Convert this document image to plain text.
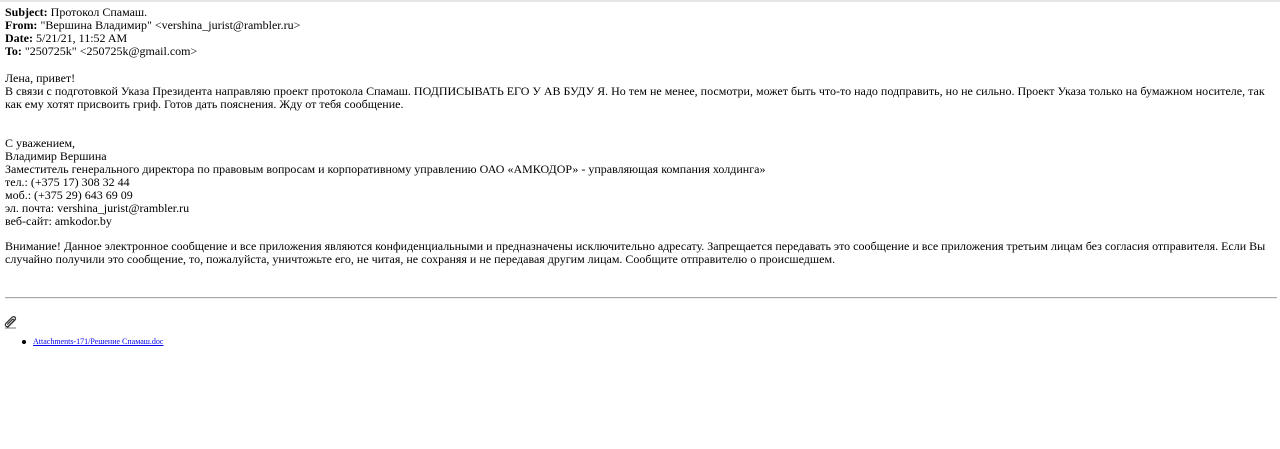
Subject: Протокол Спамаш.
From: "Вершина Владимир" <vershina_jurist@rambler.ru>
Date: 5/21/21, 11:52 AM
To: "250725k" <250725k@gmail.com>
Лена, привет!
В связи с подготовкой Указа Президента направляю проект протокола Спамаш. ПОДПИСЫВАТЬ ЕГО У АВ БУДУ Я. Но тем не менее, посмотри, может быть что-то надо подправить, но не сильно. Проект Указа только на бумажном носителе, так как ему хотят присвоить гриф. Готов дать пояснения. Жду от тебя сообщение.
С уважением,
Владимир Вершина
Заместитель генерального директора по правовым вопросам и корпоративному управлению ОАО «АМКОДОР» - управляющая компания холдинга»
тел.: (+375 17) 308 32 44
моб.: (+375 29) 643 69 09
эл. почта: vershina_jurist@rambler.ru
веб-сайт: amkodor.by
Внимание! Данное электронное сообщение и все приложения являются конфиденциальными и предназначены исключительно адресату. Запрещается передавать это сообщение и все приложения третьим лицам без согласия отправителя. Если Вы случайно получили это сообщение, то, пожалуйста, уничтожьте его, не читая, не сохраняя и не передавая другим лицам. Сообщите отправителю о происшедшем.
Attachments-171/Решение Спамаш.doc
